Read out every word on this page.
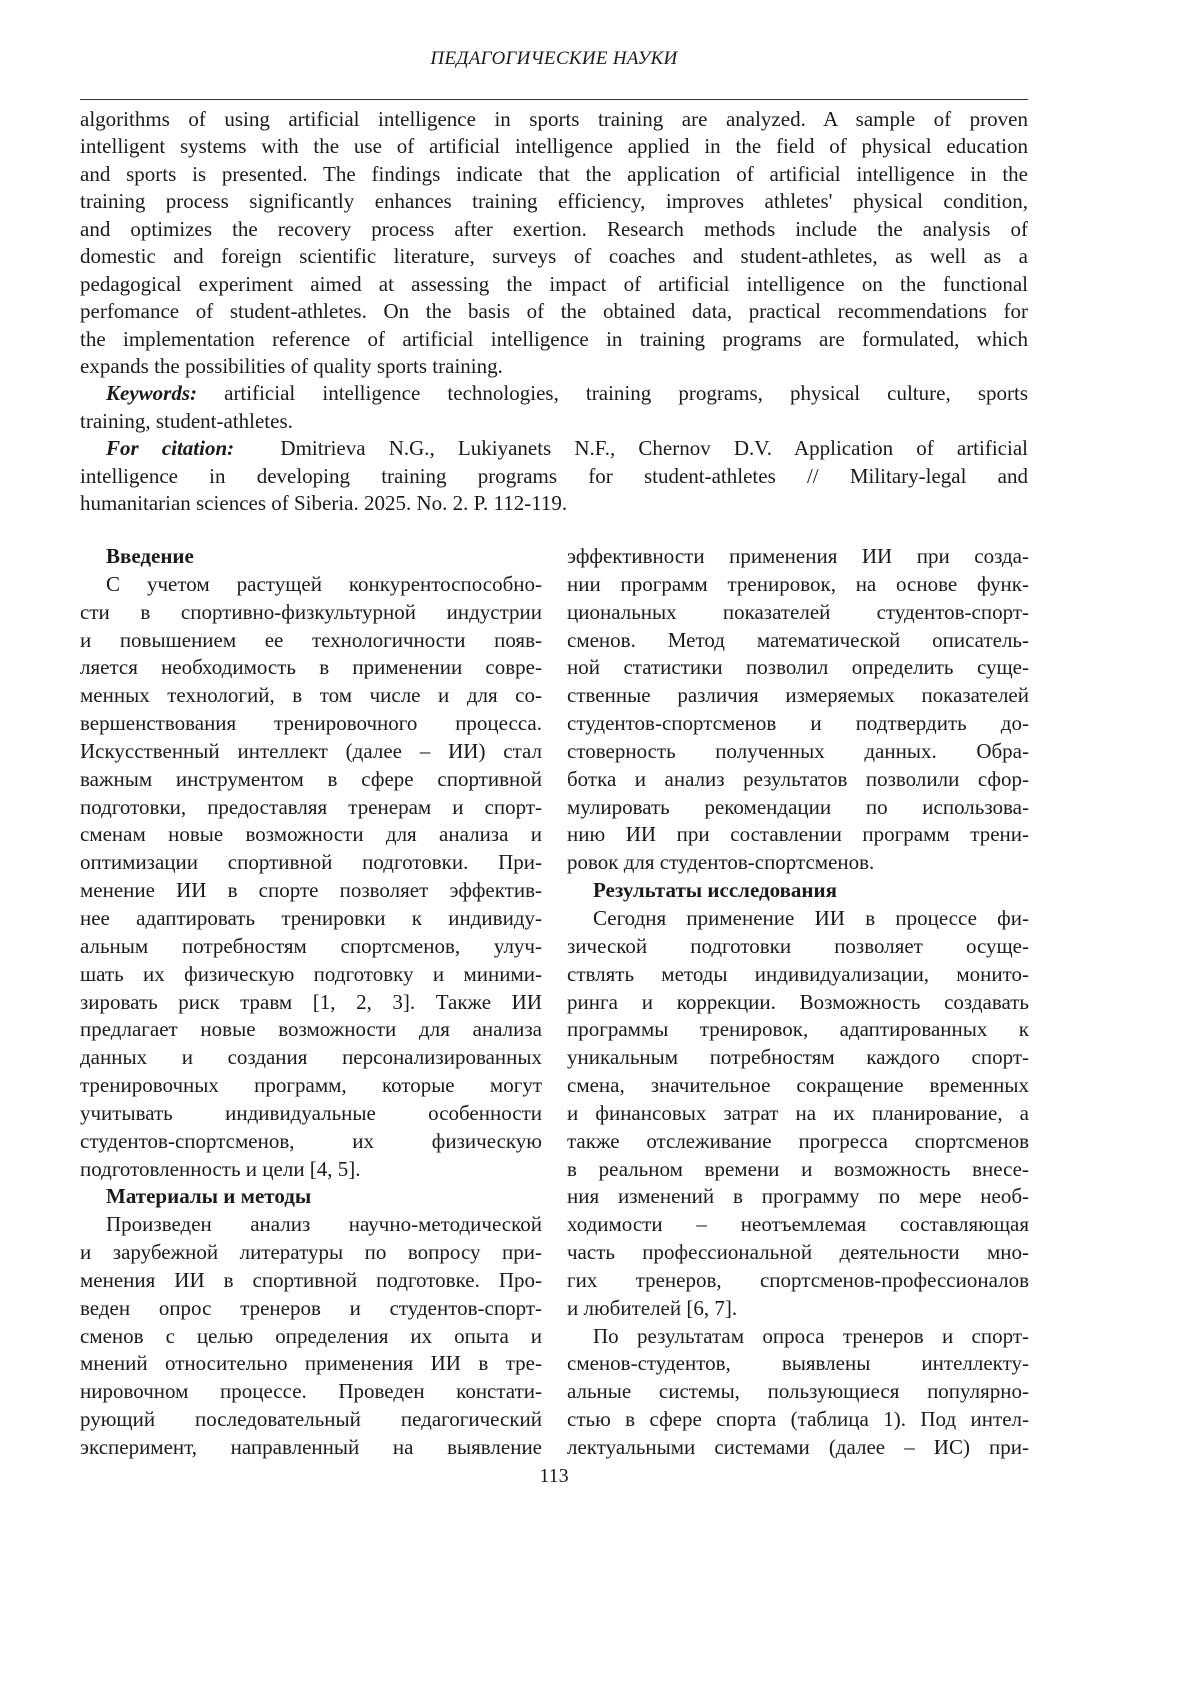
ПЕДАГОГИЧЕСКИЕ НАУКИ
algorithms of using artificial intelligence in sports training are analyzed. A sample of proven
intelligent systems with the use of artificial intelligence applied in the field of physical education
and sports is presented. The findings indicate that the application of artificial intelligence in the
training process significantly enhances training efficiency, improves athletes' physical condition,
and optimizes the recovery process after exertion. Research methods include the analysis of
domestic and foreign scientific literature, surveys of coaches and student-athletes, as well as a
pedagogical experiment aimed at assessing the impact of artificial intelligence on the functional
perfomance of student-athletes. On the basis of the obtained data, practical recommendations for
the implementation reference of artificial intelligence in training programs are formulated, which
expands the possibilities of quality sports training.
Keywords: artificial intelligence technologies, training programs, physical culture, sports
training, student-athletes.
For citation:  Dmitrieva N.G., Lukiyanets N.F., Chernov D.V. Application of artificial
intelligence in developing training programs for student-athletes // Military-legal and
humanitarian sciences of Siberia. 2025. No. 2. P. 112-119.
Введение
С учетом растущей конкурентоспособно-
сти в спортивно-физкультурной индустрии
и повышением ее технологичности появ-
ляется необходимость в применении совре-
менных технологий, в том числе и для со-
вершенствования тренировочного процесса.
Искусственный интеллект (далее – ИИ) стал
важным инструментом в сфере спортивной
подготовки, предоставляя тренерам и спорт-
сменам новые возможности для анализа и
оптимизации спортивной подготовки. При-
менение ИИ в спорте позволяет эффектив-
нее адаптировать тренировки к индивиду-
альным потребностям спортсменов, улуч-
шать их физическую подготовку и миними-
зировать риск травм [1, 2, 3]. Также ИИ
предлагает новые возможности для анализа
данных и создания персонализированных
тренировочных программ, которые могут
учитывать индивидуальные особенности
студентов-спортсменов, их физическую
подготовленность и цели [4, 5].
Материалы и методы
Произведен анализ научно-методической
и зарубежной литературы по вопросу при-
менения ИИ в спортивной подготовке. Про-
веден опрос тренеров и студентов-спорт-
сменов с целью определения их опыта и
мнений относительно применения ИИ в тре-
нировочном процессе. Проведен констати-
рующий последовательный педагогический
эксперимент, направленный на выявление
эффективности применения ИИ при созда-
нии программ тренировок, на основе функ-
циональных показателей студентов-спорт-
сменов. Метод математической описатель-
ной статистики позволил определить суще-
ственные различия измеряемых показателей
студентов-спортсменов и подтвердить до-
стоверность полученных данных. Обра-
ботка и анализ результатов позволили сфор-
мулировать рекомендации по использова-
нию ИИ при составлении программ трени-
ровок для студентов-спортсменов.
Результаты исследования
Сегодня применение ИИ в процессе фи-
зической подготовки позволяет осуще-
ствлять методы индивидуализации, монито-
ринга и коррекции. Возможность создавать
программы тренировок, адаптированных к
уникальным потребностям каждого спорт-
смена, значительное сокращение временных
и финансовых затрат на их планирование, а
также отслеживание прогресса спортсменов
в реальном времени и возможность внесе-
ния изменений в программу по мере необ-
ходимости – неотъемлемая составляющая
часть профессиональной деятельности мно-
гих тренеров, спортсменов-профессионалов
и любителей [6, 7].
По результатам опроса тренеров и спорт-
сменов-студентов, выявлены интеллекту-
альные системы, пользующиеся популярно-
стью в сфере спорта (таблица 1). Под интел-
лектуальными системами (далее – ИС) при-
113
